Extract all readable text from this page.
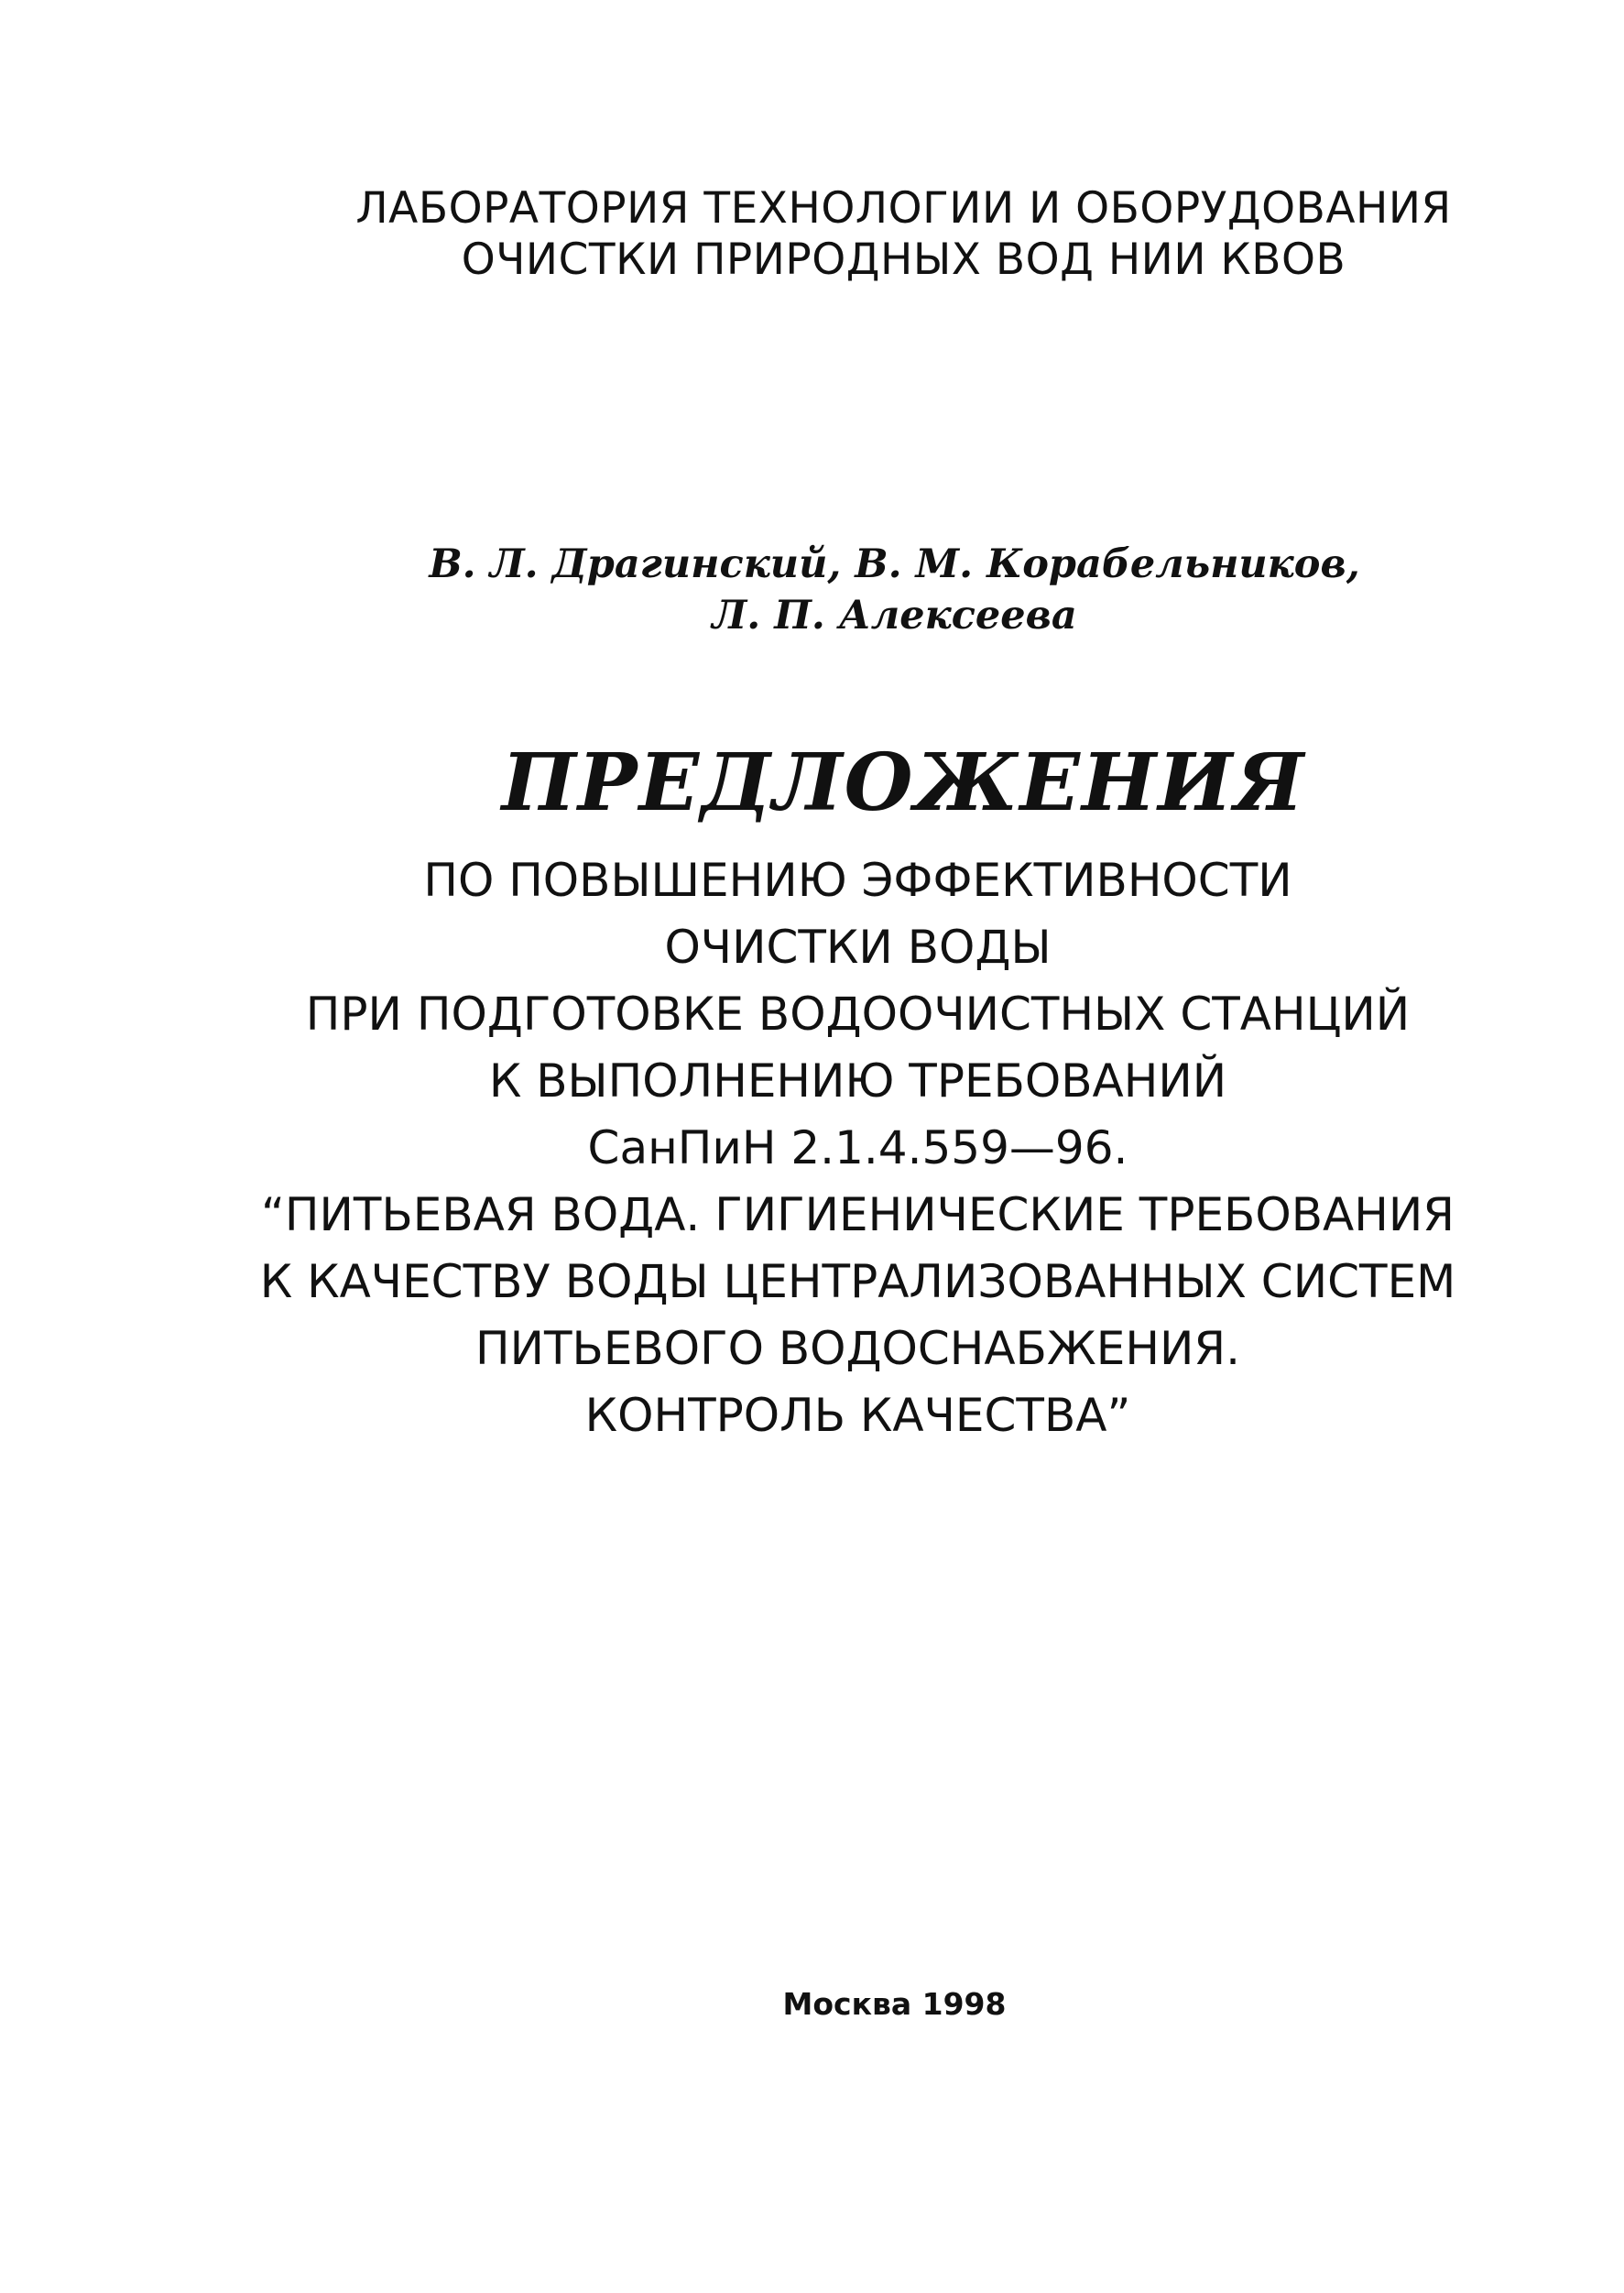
ЛАБОРАТОРИЯ ТЕХНОЛОГИИ И ОБОРУДОВАНИЯ
ОЧИСТКИ ПРИРОДНЫХ ВОД НИИ КВОВ
В. Л. Драгинский, В. М. Корабельников,
Л. П. Алексеева
ПРЕДЛОЖЕНИЯ
ПО ПОВЫШЕНИЮ ЭФФЕКТИВНОСТИ
ОЧИСТКИ ВОДЫ
ПРИ ПОДГОТОВКЕ ВОДООЧИСТНЫХ СТАНЦИЙ
К ВЫПОЛНЕНИЮ ТРЕБОВАНИЙ
СанПиН 2.1.4.559—96.
“ПИТЬЕВАЯ ВОДА. ГИГИЕНИЧЕСКИЕ ТРЕБОВАНИЯ
К КАЧЕСТВУ ВОДЫ ЦЕНТРАЛИЗОВАННЫХ СИСТЕМ
ПИТЬЕВОГО ВОДОСНАБЖЕНИЯ.
КОНТРОЛЬ КАЧЕСТВА”
Москва 1998
